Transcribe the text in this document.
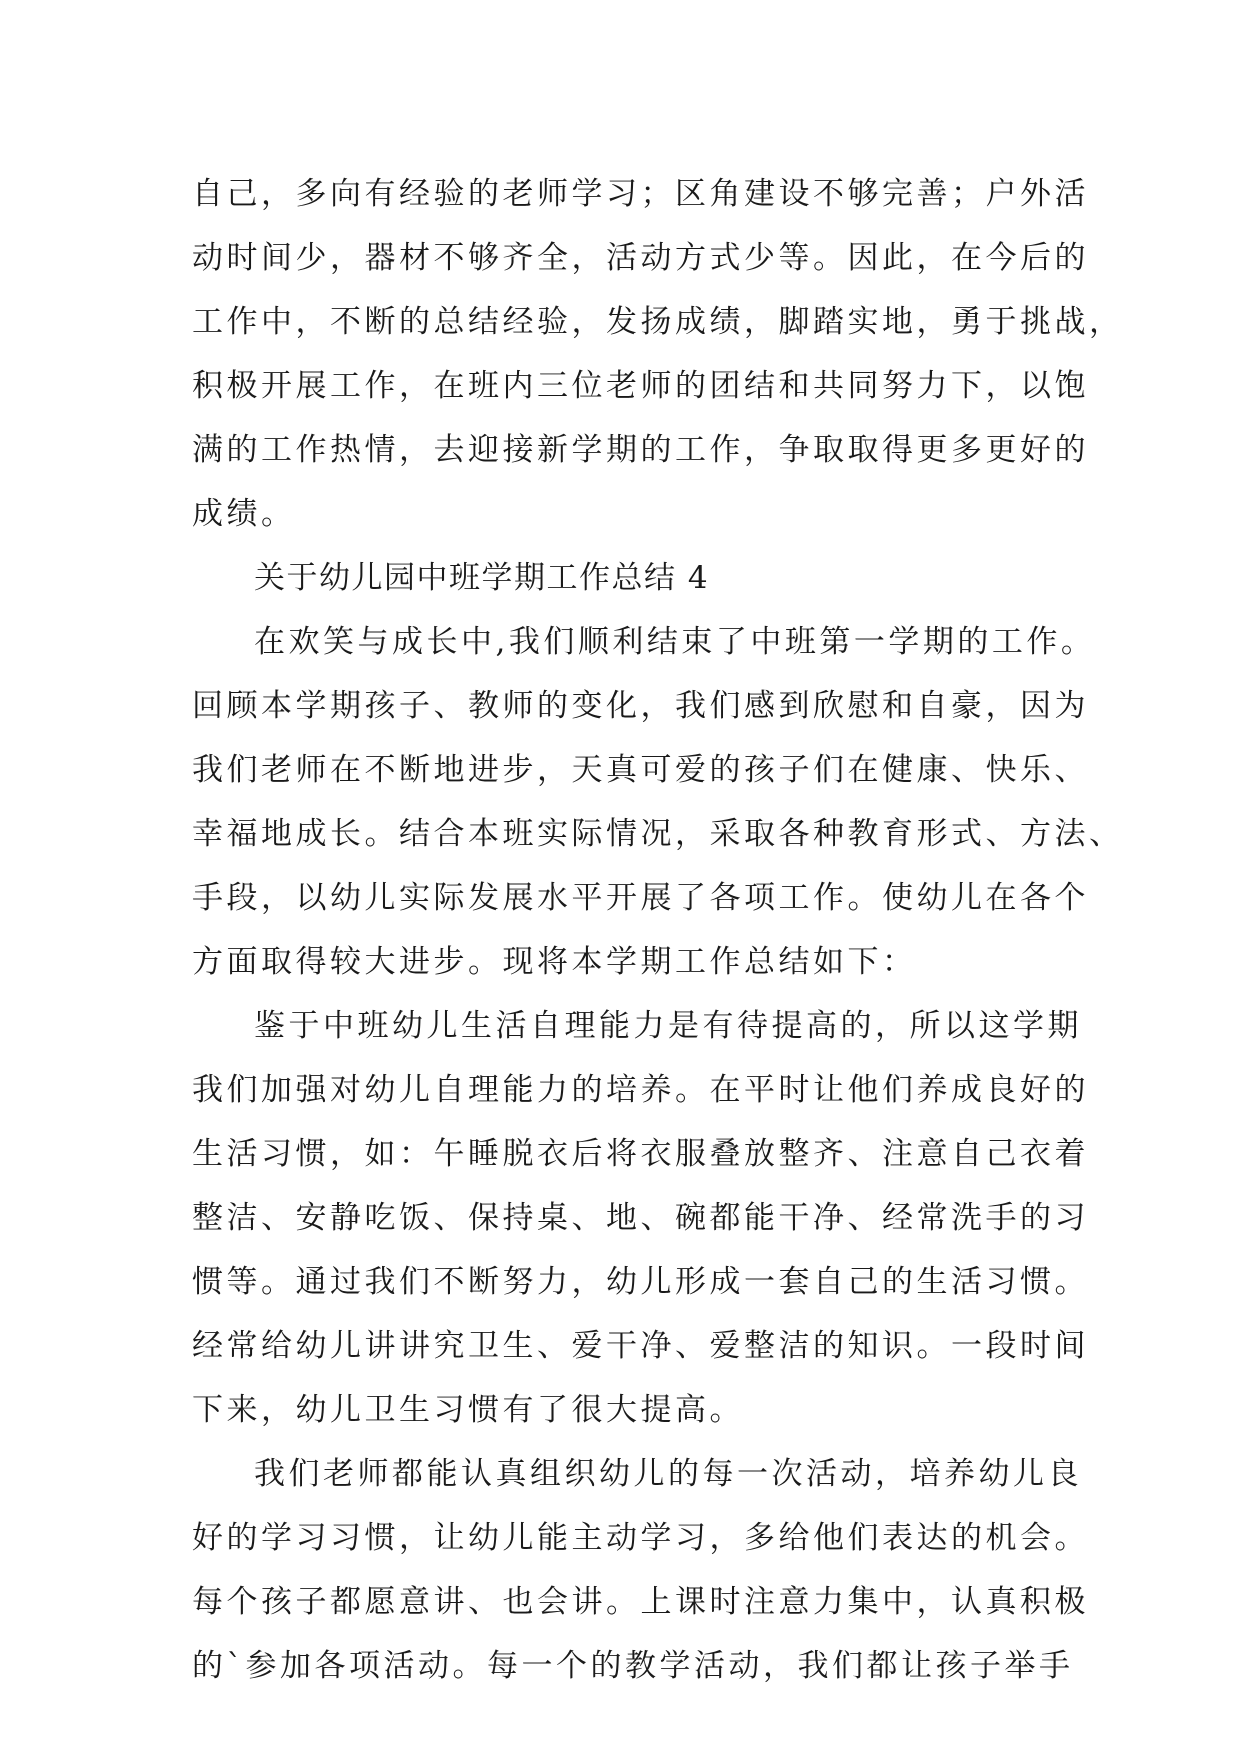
自己，多向有经验的老师学习；区角建设不够完善；户外活
动时间少，器材不够齐全，活动方式少等。因此，在今后的
工作中，不断的总结经验，发扬成绩，脚踏实地，勇于挑战，
积极开展工作，在班内三位老师的团结和共同努力下，以饱
满的工作热情，去迎接新学期的工作，争取取得更多更好的
成绩。
关于幼儿园中班学期工作总结 4
在欢笑与成长中,我们顺利结束了中班第一学期的工作。
回顾本学期孩子、教师的变化，我们感到欣慰和自豪，因为
我们老师在不断地进步，天真可爱的孩子们在健康、快乐、
幸福地成长。结合本班实际情况，采取各种教育形式、方法、
手段，以幼儿实际发展水平开展了各项工作。使幼儿在各个
方面取得较大进步。现将本学期工作总结如下：
鉴于中班幼儿生活自理能力是有待提高的，所以这学期
我们加强对幼儿自理能力的培养。在平时让他们养成良好的
生活习惯，如：午睡脱衣后将衣服叠放整齐、注意自己衣着
整洁、安静吃饭、保持桌、地、碗都能干净、经常洗手的习
惯等。通过我们不断努力，幼儿形成一套自己的生活习惯。
经常给幼儿讲讲究卫生、爱干净、爱整洁的知识。一段时间
下来，幼儿卫生习惯有了很大提高。
我们老师都能认真组织幼儿的每一次活动，培养幼儿良
好的学习习惯，让幼儿能主动学习，多给他们表达的机会。
每个孩子都愿意讲、也会讲。上课时注意力集中，认真积极
的`参加各项活动。每一个的教学活动，我们都让孩子举手
